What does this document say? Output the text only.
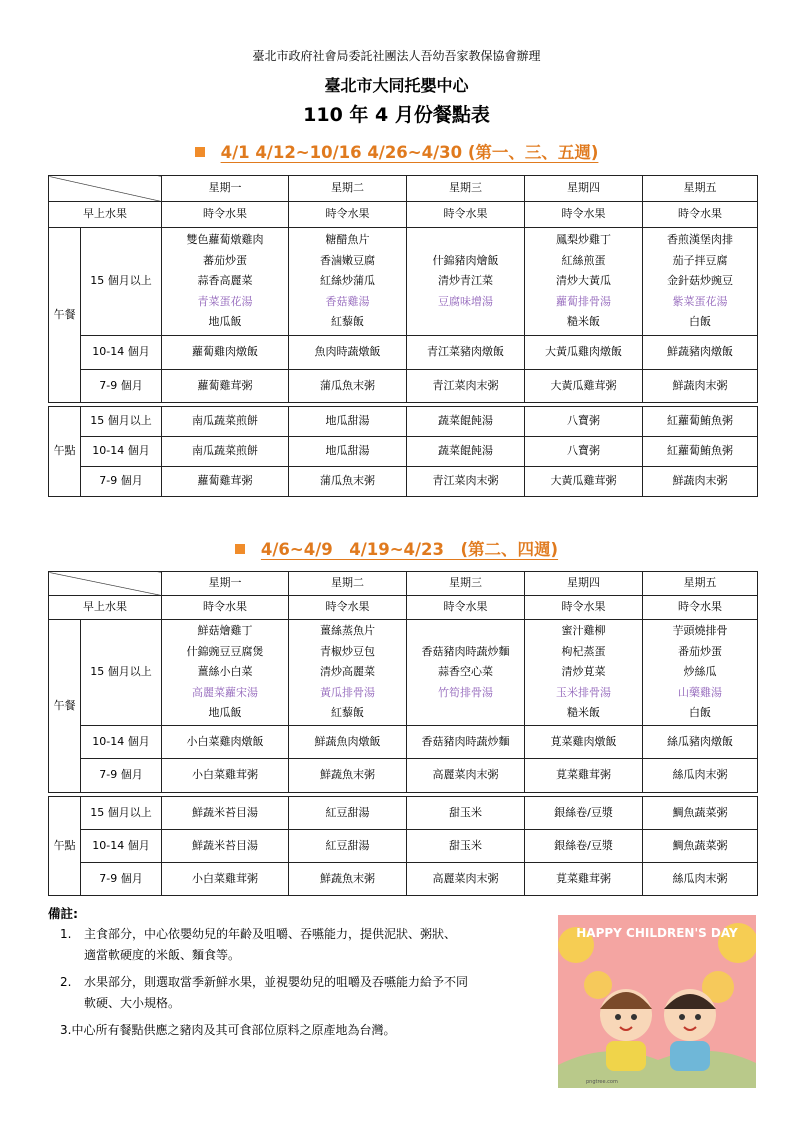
臺北市政府社會局委託社團法人吾幼吾家教保協會辦理
臺北市大同托嬰中心
110 年 4 月份餐點表
4/1 4/12~10/16 4/26~4/30 (第一、三、五週)
		星期一	星期二	星期三	星期四	星期五
早上水果		時令水果	時令水果	時令水果	時令水果	時令水果
午餐	15 個月以上	雙色蘿蔔燉雞肉
蕃茄炒蛋
蒜香高麗菜
青菜蛋花湯
地瓜飯	糖醋魚片
香滷嫩豆腐
紅絲炒蒲瓜
香菇雞湯
紅藜飯	什錦豬肉燴飯
清炒青江菜
豆腐味增湯	鳳梨炒雞丁
紅絲煎蛋
清炒大黃瓜
蘿蔔排骨湯
糙米飯	香煎漢堡肉排
茄子拌豆腐
金針菇炒豌豆
紫菜蛋花湯
白飯

	10-14 個月	蘿蔔雞肉燉飯	魚肉時蔬燉飯	青江菜豬肉燉飯	大黃瓜雞肉燉飯	鮮蔬豬肉燉飯
	7-9 個月	蘿蔔雞茸粥	蒲瓜魚末粥	青江菜肉末粥	大黃瓜雞茸粥	鮮蔬肉末粥

午點	15 個月以上	南瓜蔬菜煎餅	地瓜甜湯	蔬菜餛飩湯	八寶粥	紅蘿蔔鮪魚粥
	10-14 個月	南瓜蔬菜煎餅	地瓜甜湯	蔬菜餛飩湯	八寶粥	紅蘿蔔鮪魚粥
	7-9 個月	蘿蔔雞茸粥	蒲瓜魚末粥	青江菜肉末粥	大黃瓜雞茸粥	鮮蔬肉末粥
4/6~4/9　4/19~4/23　(第二、四週)
		星期一	星期二	星期三	星期四	星期五
早上水果		時令水果	時令水果	時令水果	時令水果	時令水果
午餐	15 個月以上	鮮菇燴雞丁
什錦豌豆豆腐煲
薑絲小白菜
高麗菜蘿宋湯
地瓜飯	薑絲蒸魚片
青椒炒豆包
清炒高麗菜
黃瓜排骨湯
紅藜飯	香菇豬肉時蔬炒麵
蒜香空心菜
竹筍排骨湯	蜜汁雞柳
枸杞蒸蛋
清炒莧菜
玉米排骨湯
糙米飯	芋頭燒排骨
番茄炒蛋
炒絲瓜
山藥雞湯
白飯

	10-14 個月	小白菜雞肉燉飯	鮮蔬魚肉燉飯	香菇豬肉時蔬炒麵	莧菜雞肉燉飯	絲瓜豬肉燉飯
	7-9 個月	小白菜雞茸粥	鮮蔬魚末粥	高麗菜肉末粥	莧菜雞茸粥	絲瓜肉末粥

午點	15 個月以上	鮮蔬米苔目湯	紅豆甜湯	甜玉米	銀絲卷/豆漿	鯛魚蔬菜粥
	10-14 個月	鮮蔬米苔目湯	紅豆甜湯	甜玉米	銀絲卷/豆漿	鯛魚蔬菜粥
	7-9 個月	小白菜雞茸粥	鮮蔬魚末粥	高麗菜肉末粥	莧菜雞茸粥	絲瓜肉末粥
備註:
1. 主食部分，中心依嬰幼兒的年齡及咀嚼、吞嚥能力，提供泥狀、粥狀、
適當軟硬度的米飯、麵食等。
2. 水果部分，則選取當季新鮮水果，並視嬰幼兒的咀嚼及吞嚥能力給予不同
軟硬、大小規格。
3.中心所有餐點供應之豬肉及其可食部位原料之原產地為台灣。
HAPPY CHILDREN'S DAY
pngtree.com
